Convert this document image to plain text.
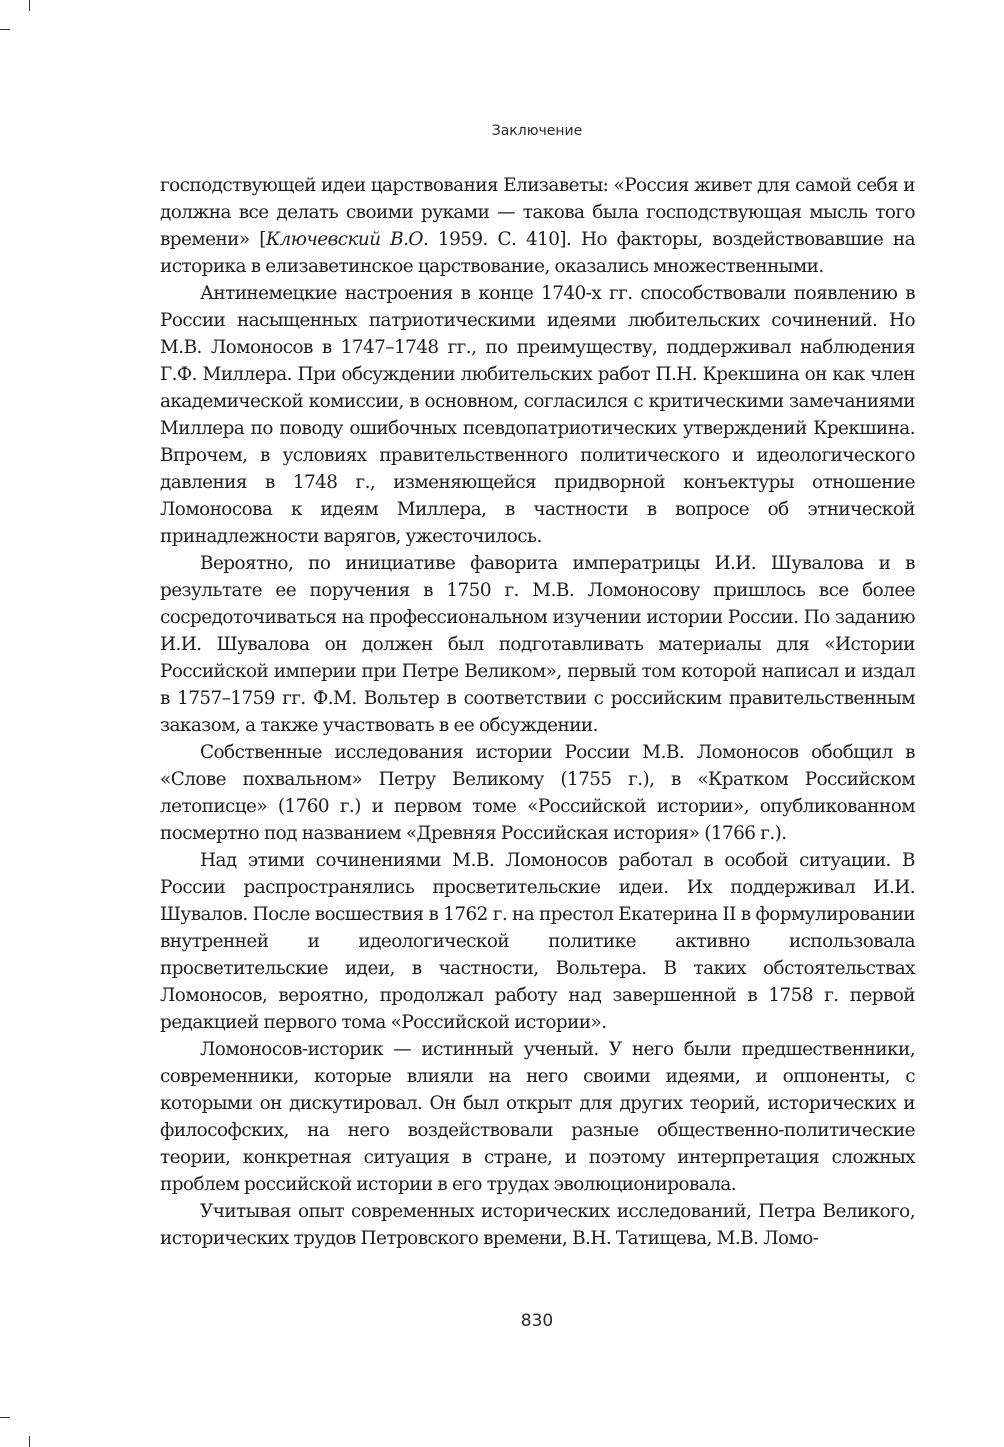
Заключение

господствующей идеи царствования Елизаветы: «Россия живет для самой себя и должна все делать своими руками — такова была господствующая мысль того времени» [Ключевский В.О. 1959. С. 410]. Но факторы, воздействовавшие на историка в елизаветинское царствование, оказались множественными.

Антинемецкие настроения в конце 1740-х гг. способствовали появлению в России насыщенных патриотическими идеями любительских сочинений. Но М.В. Ломоносов в 1747–1748 гг., по преимуществу, поддерживал наблюдения Г.Ф. Миллера. При обсуждении любительских работ П.Н. Крекшина он как член академической комиссии, в основном, согласился с критическими замечаниями Миллера по поводу ошибочных псевдопатриотических утверждений Крекшина. Впрочем, в условиях правительственного политического и идеологического давления в 1748 г., изменяющейся придворной конъектуры отношение Ломоносова к идеям Миллера, в частности в вопросе об этнической принадлежности варягов, ужесточилось.

Вероятно, по инициативе фаворита императрицы И.И. Шувалова и в результате ее поручения в 1750 г. М.В. Ломоносову пришлось все более сосредоточиваться на профессиональном изучении истории России. По заданию И.И. Шувалова он должен был подготавливать материалы для «Истории Российской империи при Петре Великом», первый том которой написал и издал в 1757–1759 гг. Ф.М. Вольтер в соответствии с российским правительственным заказом, а также участвовать в ее обсуждении.

Собственные исследования истории России М.В. Ломоносов обобщил в «Слове похвальном» Петру Великому (1755 г.), в «Кратком Российском летописце» (1760 г.) и первом томе «Российской истории», опубликованном посмертно под названием «Древняя Российская история» (1766 г.).

Над этими сочинениями М.В. Ломоносов работал в особой ситуации. В России распространялись просветительские идеи. Их поддерживал И.И. Шувалов. После восшествия в 1762 г. на престол Екатерина II в формулировании внутренней и идеологической политике активно использовала просветительские идеи, в частности, Вольтера. В таких обстоятельствах Ломоносов, вероятно, продолжал работу над завершенной в 1758 г. первой редакцией первого тома «Российской истории».

Ломоносов-историк — истинный ученый. У него были предшественники, современники, которые влияли на него своими идеями, и оппоненты, с которыми он дискутировал. Он был открыт для других теорий, исторических и философских, на него воздействовали разные общественно-политические теории, конкретная ситуация в стране, и поэтому интерпретация сложных проблем российской истории в его трудах эволюционировала.

Учитывая опыт современных исторических исследований, Петра Великого, исторических трудов Петровского времени, В.Н. Татищева, М.В. Ломо-

830
